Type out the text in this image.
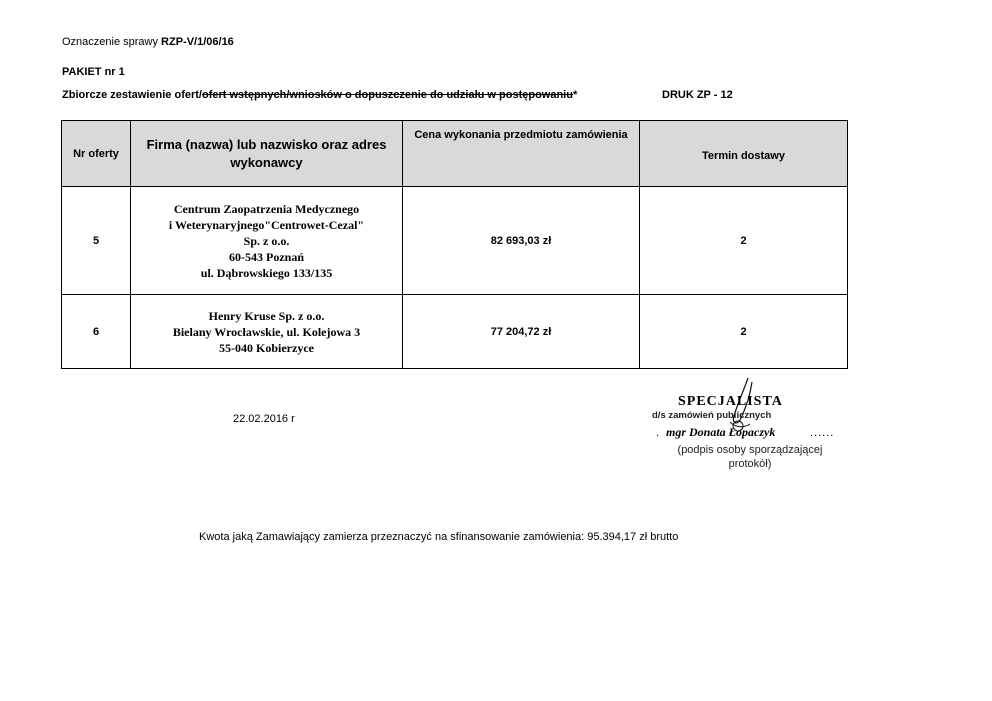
Oznaczenie sprawy RZP-V/1/06/16
PAKIET nr 1
Zbiorcze zestawienie ofert/ofert wstępnych/wniosków o dopuszczenie do udziału w postępowaniu*	DRUK ZP - 12
Nr oferty	Firma (nazwa) lub nazwisko oraz adres wykonawcy	Cena wykonania przedmiotu zamówienia	Termin dostawy
5	Centrum Zaopatrzenia Medycznego
i Weterynaryjnego"Centrowet-Cezal"
Sp. z o.o.
60-543 Poznań
ul. Dąbrowskiego 133/135	82 693,03 zł	2
6	Henry Kruse Sp. z o.o.
Bielany Wrocławskie, ul. Kolejowa 3
55-040 Kobierzyce	77 204,72 zł	2
22.02.2016 r
SPECJALISTA
d/s zamówień publicznych
. mgr Donata Łopaczyk	......
(podpis osoby sporządzającej
protokół)
Kwota jaką Zamawiający zamierza przeznaczyć na sfinansowanie zamówienia: 95.394,17 zł brutto
